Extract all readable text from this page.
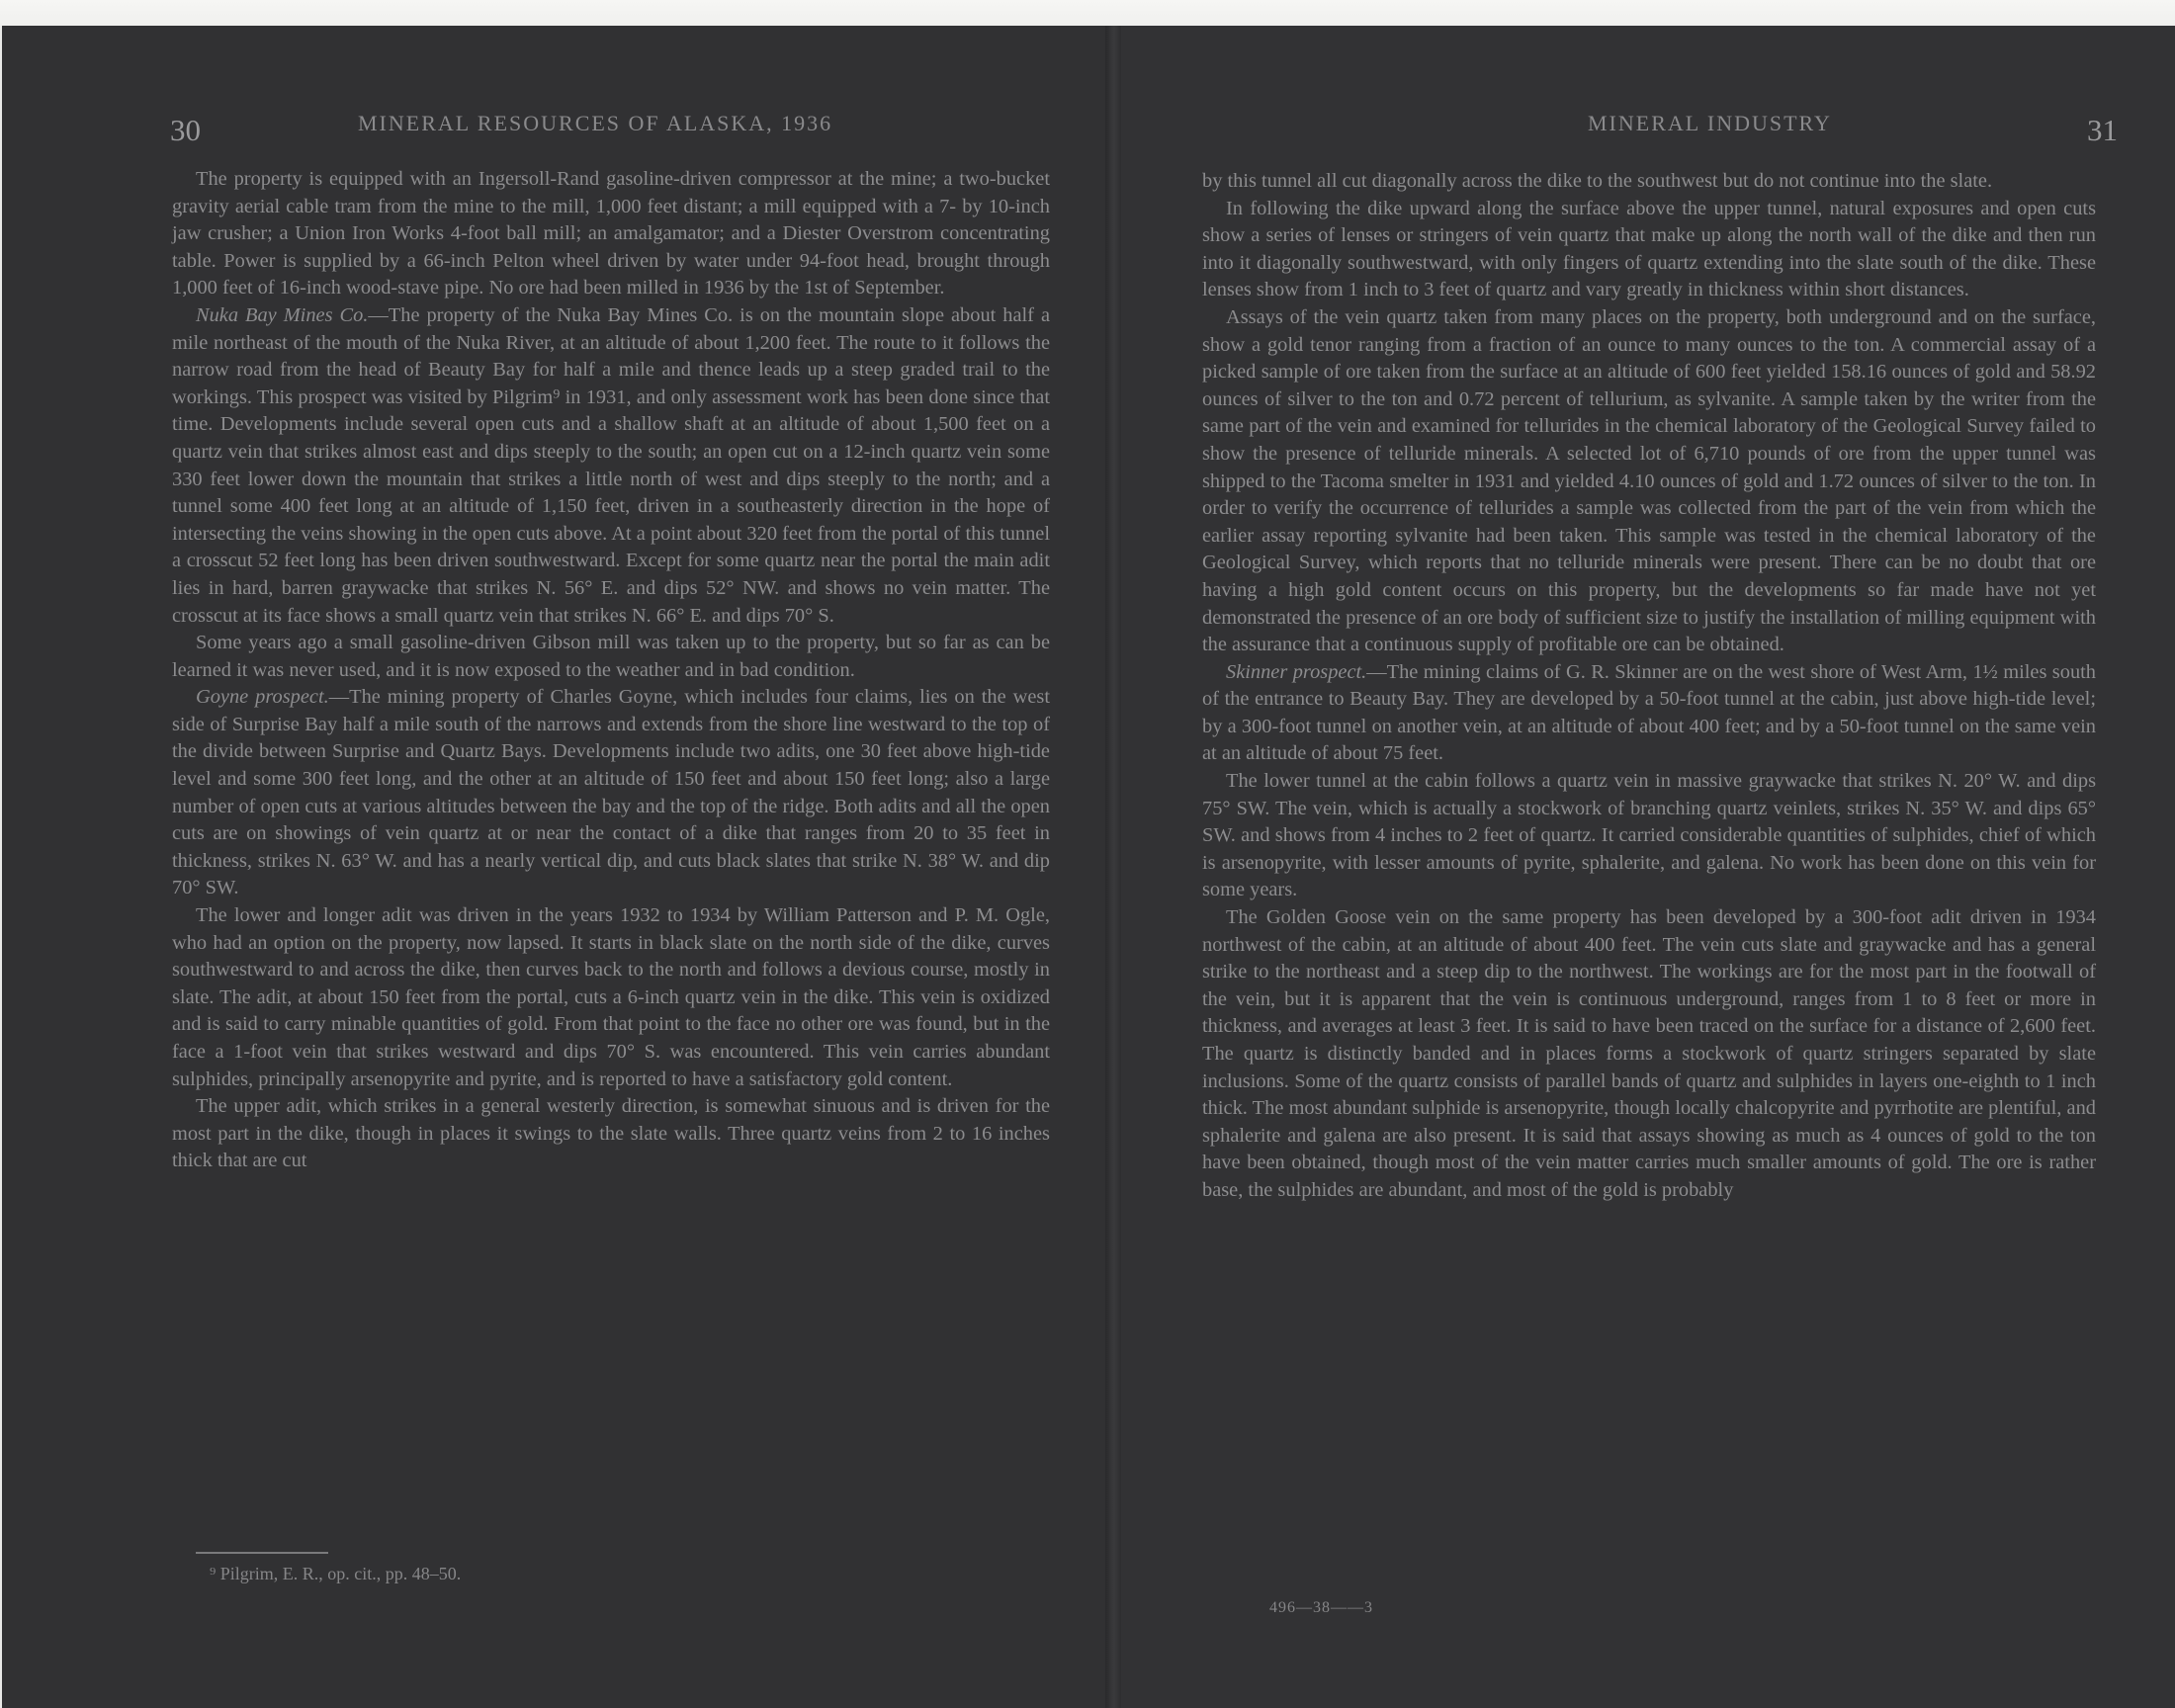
30	MINERAL RESOURCES OF ALASKA, 1936

The property is equipped with an Ingersoll-Rand gasoline-driven compressor at the mine; a two-bucket gravity aerial cable tram from the mine to the mill, 1,000 feet distant; a mill equipped with a 7- by 10-inch jaw crusher; a Union Iron Works 4-foot ball mill; an amalgamator; and a Diester Overstrom concentrating table. Power is supplied by a 66-inch Pelton wheel driven by water under 94-foot head, brought through 1,000 feet of 16-inch wood-stave pipe. No ore had been milled in 1936 by the 1st of September.

Nuka Bay Mines Co.—The property of the Nuka Bay Mines Co. is on the mountain slope about half a mile northeast of the mouth of the Nuka River, at an altitude of about 1,200 feet. The route to it follows the narrow road from the head of Beauty Bay for half a mile and thence leads up a steep graded trail to the workings. This prospect was visited by Pilgrim⁹ in 1931, and only assessment work has been done since that time. Developments include several open cuts and a shallow shaft at an altitude of about 1,500 feet on a quartz vein that strikes almost east and dips steeply to the south; an open cut on a 12-inch quartz vein some 330 feet lower down the mountain that strikes a little north of west and dips steeply to the north; and a tunnel some 400 feet long at an altitude of 1,150 feet, driven in a southeasterly direction in the hope of intersecting the veins showing in the open cuts above. At a point about 320 feet from the portal of this tunnel a crosscut 52 feet long has been driven southwestward. Except for some quartz near the portal the main adit lies in hard, barren graywacke that strikes N. 56° E. and dips 52° NW. and shows no vein matter. The crosscut at its face shows a small quartz vein that strikes N. 66° E. and dips 70° S.

Some years ago a small gasoline-driven Gibson mill was taken up to the property, but so far as can be learned it was never used, and it is now exposed to the weather and in bad condition.

Goyne prospect.—The mining property of Charles Goyne, which includes four claims, lies on the west side of Surprise Bay half a mile south of the narrows and extends from the shore line westward to the top of the divide between Surprise and Quartz Bays. Developments include two adits, one 30 feet above high-tide level and some 300 feet long, and the other at an altitude of 150 feet and about 150 feet long; also a large number of open cuts at various altitudes between the bay and the top of the ridge. Both adits and all the open cuts are on showings of vein quartz at or near the contact of a dike that ranges from 20 to 35 feet in thickness, strikes N. 63° W. and has a nearly vertical dip, and cuts black slates that strike N. 38° W. and dip 70° SW.

The lower and longer adit was driven in the years 1932 to 1934 by William Patterson and P. M. Ogle, who had an option on the property, now lapsed. It starts in black slate on the north side of the dike, curves southwestward to and across the dike, then curves back to the north and follows a devious course, mostly in slate. The adit, at about 150 feet from the portal, cuts a 6-inch quartz vein in the dike. This vein is oxidized and is said to carry minable quantities of gold. From that point to the face no other ore was found, but in the face a 1-foot vein that strikes westward and dips 70° S. was encountered. This vein carries abundant sulphides, principally arsenopyrite and pyrite, and is reported to have a satisfactory gold content.

The upper adit, which strikes in a general westerly direction, is somewhat sinuous and is driven for the most part in the dike, though in places it swings to the slate walls. Three quartz veins from 2 to 16 inches thick that are cut

⁹ Pilgrim, E. R., op. cit., pp. 48–50.
MINERAL INDUSTRY	31

by this tunnel all cut diagonally across the dike to the southwest but do not continue into the slate.

In following the dike upward along the surface above the upper tunnel, natural exposures and open cuts show a series of lenses or stringers of vein quartz that make up along the north wall of the dike and then run into it diagonally southwestward, with only fingers of quartz extending into the slate south of the dike. These lenses show from 1 inch to 3 feet of quartz and vary greatly in thickness within short distances.

Assays of the vein quartz taken from many places on the property, both underground and on the surface, show a gold tenor ranging from a fraction of an ounce to many ounces to the ton. A commercial assay of a picked sample of ore taken from the surface at an altitude of 600 feet yielded 158.16 ounces of gold and 58.92 ounces of silver to the ton and 0.72 percent of tellurium, as sylvanite. A sample taken by the writer from the same part of the vein and examined for tellurides in the chemical laboratory of the Geological Survey failed to show the presence of telluride minerals. A selected lot of 6,710 pounds of ore from the upper tunnel was shipped to the Tacoma smelter in 1931 and yielded 4.10 ounces of gold and 1.72 ounces of silver to the ton. In order to verify the occurrence of tellurides a sample was collected from the part of the vein from which the earlier assay reporting sylvanite had been taken. This sample was tested in the chemical laboratory of the Geological Survey, which reports that no telluride minerals were present. There can be no doubt that ore having a high gold content occurs on this property, but the developments so far made have not yet demonstrated the presence of an ore body of sufficient size to justify the installation of milling equipment with the assurance that a continuous supply of profitable ore can be obtained.

Skinner prospect.—The mining claims of G. R. Skinner are on the west shore of West Arm, 1½ miles south of the entrance to Beauty Bay. They are developed by a 50-foot tunnel at the cabin, just above high-tide level; by a 300-foot tunnel on another vein, at an altitude of about 400 feet; and by a 50-foot tunnel on the same vein at an altitude of about 75 feet.

The lower tunnel at the cabin follows a quartz vein in massive graywacke that strikes N. 20° W. and dips 75° SW. The vein, which is actually a stockwork of branching quartz veinlets, strikes N. 35° W. and dips 65° SW. and shows from 4 inches to 2 feet of quartz. It carried considerable quantities of sulphides, chief of which is arsenopyrite, with lesser amounts of pyrite, sphalerite, and galena. No work has been done on this vein for some years.

The Golden Goose vein on the same property has been developed by a 300-foot adit driven in 1934 northwest of the cabin, at an altitude of about 400 feet. The vein cuts slate and graywacke and has a general strike to the northeast and a steep dip to the northwest. The workings are for the most part in the footwall of the vein, but it is apparent that the vein is continuous underground, ranges from 1 to 8 feet or more in thickness, and averages at least 3 feet. It is said to have been traced on the surface for a distance of 2,600 feet. The quartz is distinctly banded and in places forms a stockwork of quartz stringers separated by slate inclusions. Some of the quartz consists of parallel bands of quartz and sulphides in layers one-eighth to 1 inch thick. The most abundant sulphide is arsenopyrite, though locally chalcopyrite and pyrrhotite are plentiful, and sphalerite and galena are also present. It is said that assays showing as much as 4 ounces of gold to the ton have been obtained, though most of the vein matter carries much smaller amounts of gold. The ore is rather base, the sulphides are abundant, and most of the gold is probably

496—38——3
